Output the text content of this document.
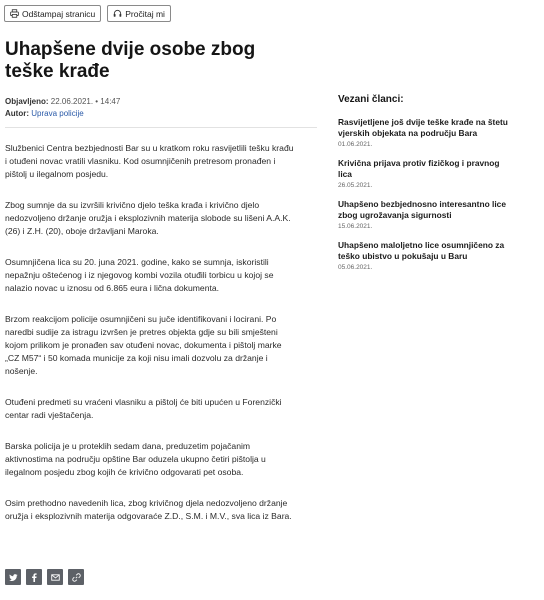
Odštampaj stranicu	Pročitaj mi
Uhapšene dvije osobe zbog teške krađe
Objavljeno: 22.06.2021. • 14:47
Autor: Uprava policije

Službenici Centra bezbjednosti Bar su u kratkom roku rasvijetlili tešku krađu i otuđeni novac vratili vlasniku. Kod osumnjičenih pretresom pronađen i pištolj u ilegalnom posjedu.

Zbog sumnje da su izvršili krivično djelo teška krađa i krivično djelo nedozvoljeno držanje oružja i eksplozivnih materija slobode su lišeni A.A.K. (26) i Z.H. (20), oboje državljani Maroka.

Osumnjičena lica su 20. juna 2021. godine, kako se sumnja, iskoristili nepažnju oštećenog i iz njegovog kombi vozila otuđili torbicu u kojoj se nalazio novac u iznosu od 6.865 eura i lična dokumenta.

Brzom reakcijom policije osumnjičeni su juče identifikovani i locirani. Po naredbi sudije za istragu izvršen je pretres objekta gdje su bili smještenі kojom prilikom je pronađen sav otuđeni novac, dokumenta i pištolj marke „CZ M57“ i 50 komada municije za koji nisu imali dozvolu za držanje i nošenje.

Otuđeni predmeti su vraćeni vlasniku a pištolj će biti upućen u Forenzički centar radi vještačenja.

Barska policija je u proteklih sedam dana, preduzetim pojačanim aktivnostima na području opštine Bar oduzela ukupno četiri pištolja u ilegalnom posjedu zbog kojih će krivično odgovarati pet osoba.

Osim prethodno navedenih lica, zbog krivičnog djela nedozvoljeno držanje oružja i eksplozivnih materija odgovaraće Z.D., S.M. i M.V., sva lica iz Bara.

Vezani članci:
Rasvijetljene još dvije teške krađe na štetu vjerskih objekata na području Bara
01.06.2021.
Krivična prijava protiv fizičkog i pravnog lica
26.05.2021.
Uhapšeno bezbjednosno interesantno lice zbog ugrožavanja sigurnosti
15.06.2021.
Uhapšeno maloljetno lice osumnjičeno za teško ubistvo u pokušaju u Baru
05.06.2021.
